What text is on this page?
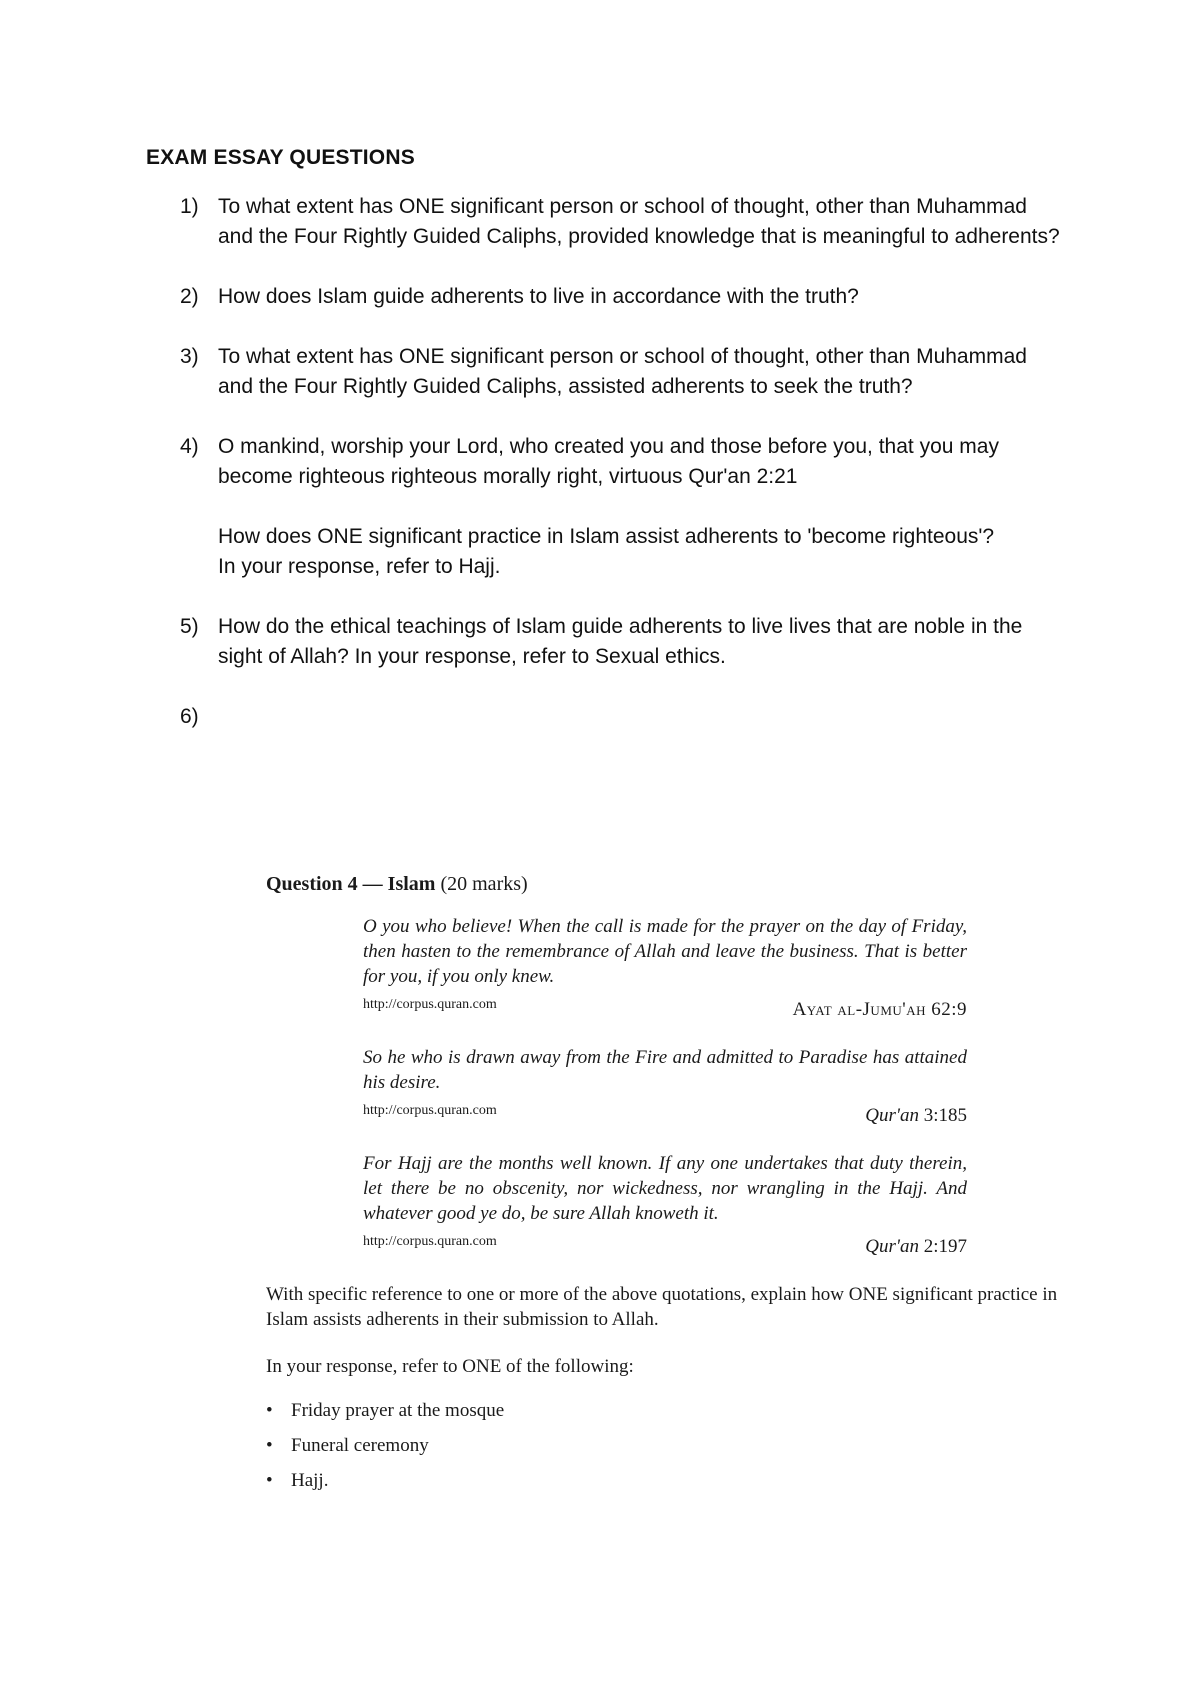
EXAM ESSAY QUESTIONS
1) To what extent has ONE significant person or school of thought, other than Muhammad and the Four Rightly Guided Caliphs, provided knowledge that is meaningful to adherents?

2) How does Islam guide adherents to live in accordance with the truth?

3) To what extent has ONE significant person or school of thought, other than Muhammad and the Four Rightly Guided Caliphs, assisted adherents to seek the truth?

4) O mankind, worship your Lord, who created you and those before you, that you may become righteous righteous morally right, virtuous Qur'an 2:21

How does ONE significant practice in Islam assist adherents to 'become righteous'?

In your response, refer to Hajj.

5) How do the ethical teachings of Islam guide adherents to live lives that are noble in the sight of Allah? In your response, refer to Sexual ethics.

6)

Question 4 — Islam (20 marks)
O you who believe! When the call is made for the prayer on the day of Friday, then hasten to the remembrance of Allah and leave the business. That is better for you, if you only knew.
http://corpus.quran.com	Ayat al-Jumu'ah 62:9
So he who is drawn away from the Fire and admitted to Paradise has attained his desire.
http://corpus.quran.com	Qur'an 3:185
For Hajj are the months well known. If any one undertakes that duty therein, let there be no obscenity, nor wickedness, nor wrangling in the Hajj. And whatever good ye do, be sure Allah knoweth it.
http://corpus.quran.com	Qur'an 2:197
With specific reference to one or more of the above quotations, explain how ONE significant practice in Islam assists adherents in their submission to Allah.
In your response, refer to ONE of the following:
• Friday prayer at the mosque
• Funeral ceremony
• Hajj.
